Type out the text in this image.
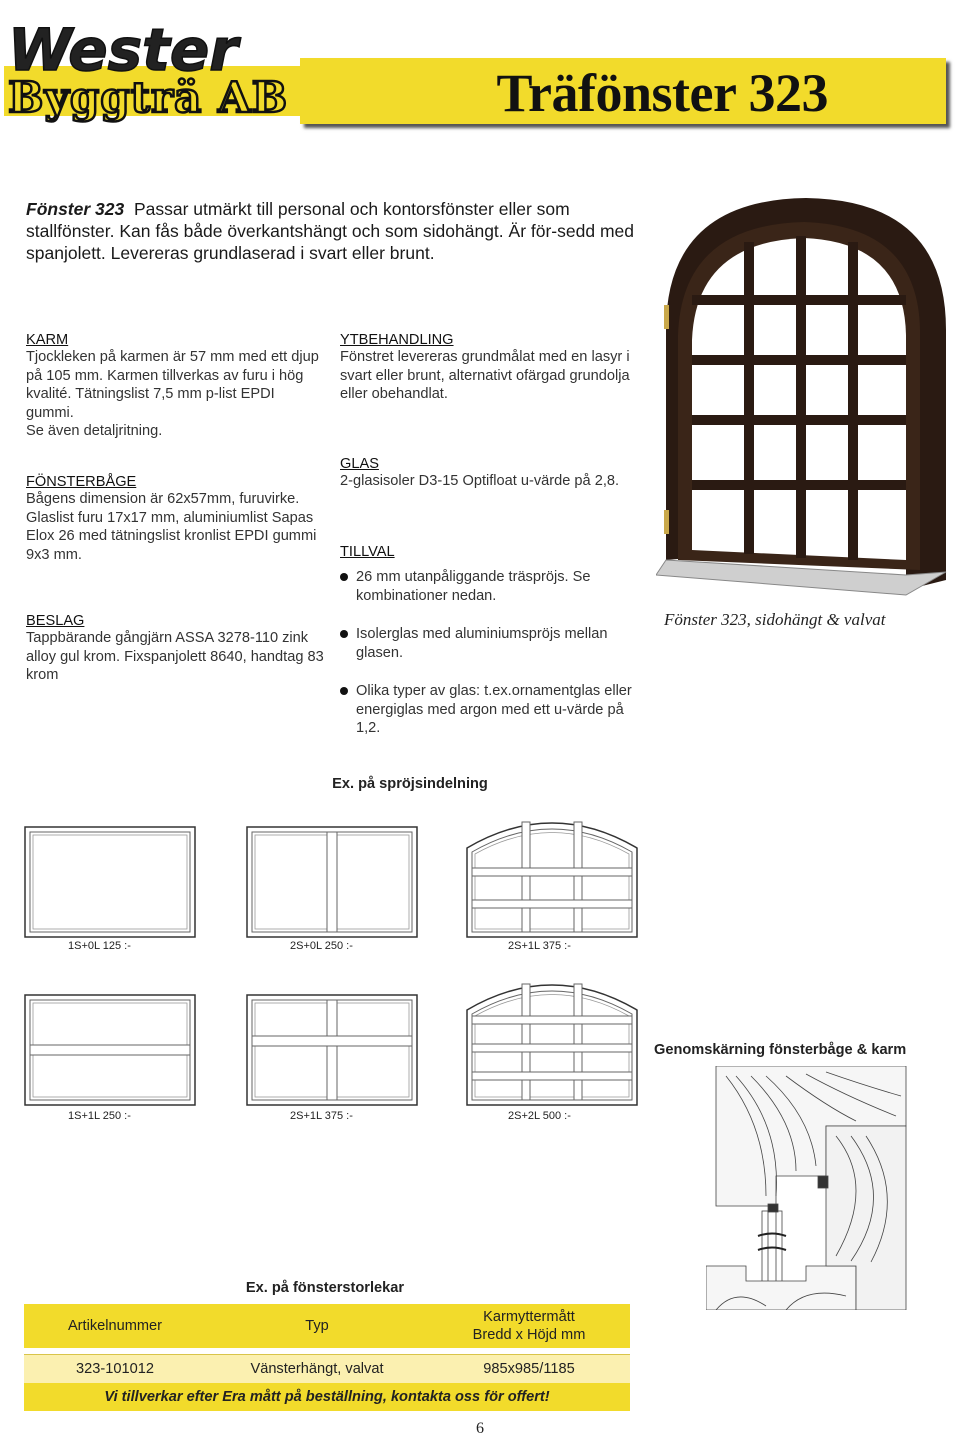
Träfönster 323
Wester
Byggträ AB
Fönster 323 Passar utmärkt till personal och kontorsfönster eller som stallfönster. Kan fås både överkantshängt och som sidohängt. Är för-sedd med spanjolett. Levereras grundlaserad i svart eller brunt.
KARM
Tjockleken på karmen är 57 mm med ett djup på 105 mm. Karmen tillverkas av furu i hög kvalité. Tätningslist 7,5 mm p-list EPDI gummi.
Se även detaljritning.
FÖNSTERBÅGE
Bågens dimension är 62x57mm, furuvirke. Glaslist furu 17x17 mm, aluminiumlist Sapas Elox 26 med tätningslist kronlist EPDI gummi 9x3 mm.
BESLAG
Tappbärande gångjärn ASSA 3278-110 zink alloy gul krom. Fixspanjolett 8640, handtag 83 krom
YTBEHANDLING
Fönstret levereras grundmålat med en lasyr i svart eller brunt, alternativt ofärgad grundolja eller obehandlat.
GLAS
2-glasisoler D3-15 Optifloat u-värde på 2,8.
TILLVAL
26 mm utanpåliggande träspröjs. Se kombinationer nedan.
Isolerglas med aluminiumspröjs mellan glasen.
Olika typer av glas: t.ex.ornamentglas eller energiglas med argon med ett u-värde på 1,2.
Fönster 323, sidohängt & valvat
Ex. på spröjsindelning
1S+0L 125 :-	2S+0L 250 :-	2S+1L 375 :-
1S+1L 250 :-	2S+1L 375 :-	2S+2L 500 :-
Genomskärning fönsterbåge & karm
Ex. på fönsterstorlekar
Artikelnummer	Typ	Karmyttermått
Bredd x Höjd mm

323-101012	Vänsterhängt, valvat	985x985/1185
Vi tillverkar efter Era mått på beställning, kontakta oss för offert!		
6
